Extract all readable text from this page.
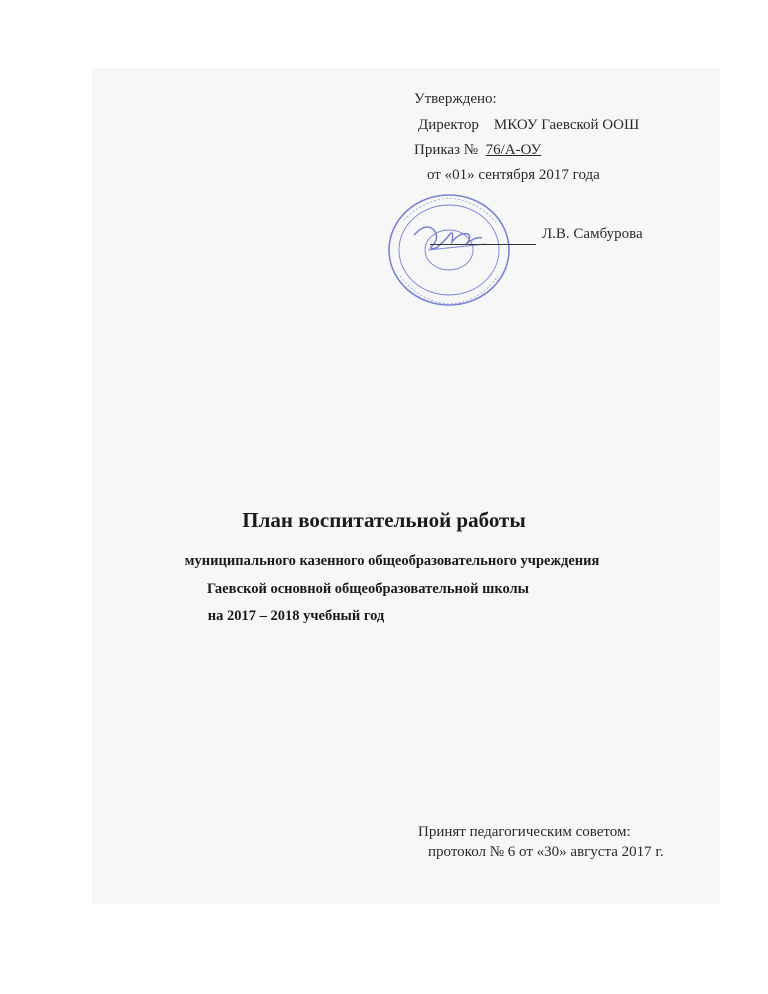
Утверждено:
Директор МКОУ Гаевской ООШ
Приказ № 76/А-ОУ
от «01» сентября 2017 года
Л.В. Самбурова
План воспитательной работы
муниципального казенного общеобразовательного учреждения
Гаевской основной общеобразовательной школы
на 2017 – 2018 учебный год
Принят педагогическим советом:
протокол № 6 от «30» августа 2017 г.
